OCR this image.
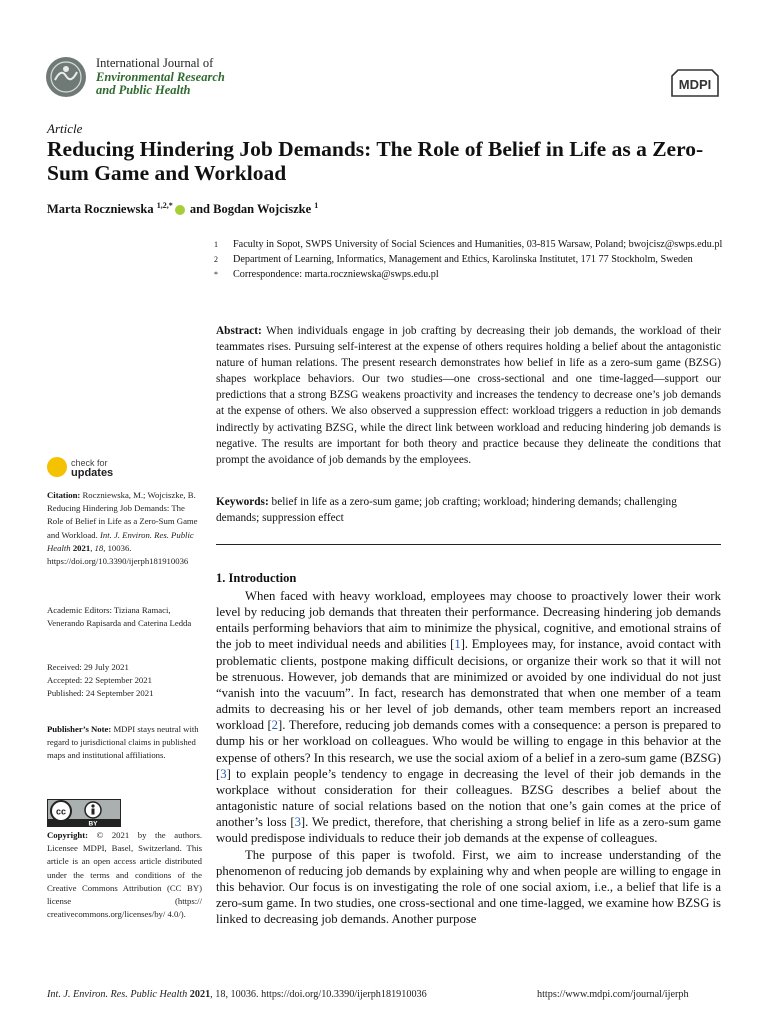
International Journal of
Environmental Research
and Public Health	MDPI
Article
Reducing Hindering Job Demands: The Role of Belief in Life as a Zero-Sum Game and Workload
Marta Roczniewska $^{1,2,*}$ and Bogdan Wojciszke $^1$
1	Faculty in Sopot, SWPS University of Social Sciences and Humanities, 03-815 Warsaw, Poland; bwojcisz@swps.edu.pl
2	Department of Learning, Informatics, Management and Ethics, Karolinska Institutet, 171 77 Stockholm, Sweden
*	Correspondence: marta.roczniewska@swps.edu.pl
Abstract: When individuals engage in job crafting by decreasing their job demands, the workload of their teammates rises. Pursuing self-interest at the expense of others requires holding a belief about the antagonistic nature of human relations. The present research demonstrates how belief in life as a zero-sum game (BZSG) shapes workplace behaviors. Our two studies—one cross-sectional and one time-lagged—support our predictions that a strong BZSG weakens proactivity and increases the tendency to decrease one’s job demands at the expense of others. We also observed a suppression effect: workload triggers a reduction in job demands indirectly by activating BZSG, while the direct link between workload and reducing hindering job demands is negative. The results are important for both theory and practice because they delineate the conditions that prompt the avoidance of job demands by the employees.
Keywords: belief in life as a zero-sum game; job crafting; workload; hindering demands; challenging demands; suppression effect
check for
updates
Citation: Roczniewska, M.; Wojciszke, B. Reducing Hindering Job Demands: The Role of Belief in Life as a Zero-Sum Game and Workload. Int. J. Environ. Res. Public Health 2021, 18, 10036. https://doi.org/10.3390/ijerph181910036
Academic Editors: Tiziana Ramaci, Venerando Rapisarda and Caterina Ledda
Received: 29 July 2021
Accepted: 22 September 2021
Published: 24 September 2021
Publisher’s Note: MDPI stays neutral with regard to jurisdictional claims in published maps and institutional affiliations.
cc
BY
Copyright: © 2021 by the authors. Licensee MDPI, Basel, Switzerland. This article is an open access article distributed under the terms and conditions of the Creative Commons Attribution (CC BY) license (https:// creativecommons.org/licenses/by/ 4.0/).
1. Introduction

When faced with heavy workload, employees may choose to proactively lower their work level by reducing job demands that threaten their performance. Decreasing hindering job demands entails performing behaviors that aim to minimize the physical, cognitive, and emotional strains of the job to meet individual needs and abilities [1]. Employees may, for instance, avoid contact with problematic clients, postpone making difficult decisions, or organize their work so that it will not be strenuous. However, job demands that are minimized or avoided by one individual do not just “vanish into the vacuum”. In fact, research has demonstrated that when one member of a team admits to decreasing his or her level of job demands, other team members report an increased workload [2]. Therefore, reducing job demands comes with a consequence: a person is prepared to dump his or her workload on colleagues. Who would be willing to engage in this behavior at the expense of others? In this research, we use the social axiom of a belief in a zero-sum game (BZSG) [3] to explain people’s tendency to engage in decreasing the level of their job demands in the workplace without consideration for their colleagues. BZSG describes a belief about the antagonistic nature of social relations based on the notion that one’s gain comes at the price of another’s loss [3]. We predict, therefore, that cherishing a strong belief in life as a zero-sum game would predispose individuals to reduce their job demands at the expense of colleagues.

The purpose of this paper is twofold. First, we aim to increase understanding of the phenomenon of reducing job demands by explaining why and when people are willing to engage in this behavior. Our focus is on investigating the role of one social axiom, i.e., a belief that life is a zero-sum game. In two studies, one cross-sectional and one time-lagged, we examine how BZSG is linked to decreasing job demands. Another purpose

Int. J. Environ. Res. Public Health 2021, 18, 10036. https://doi.org/10.3390/ijerph181910036	https://www.mdpi.com/journal/ijerph
